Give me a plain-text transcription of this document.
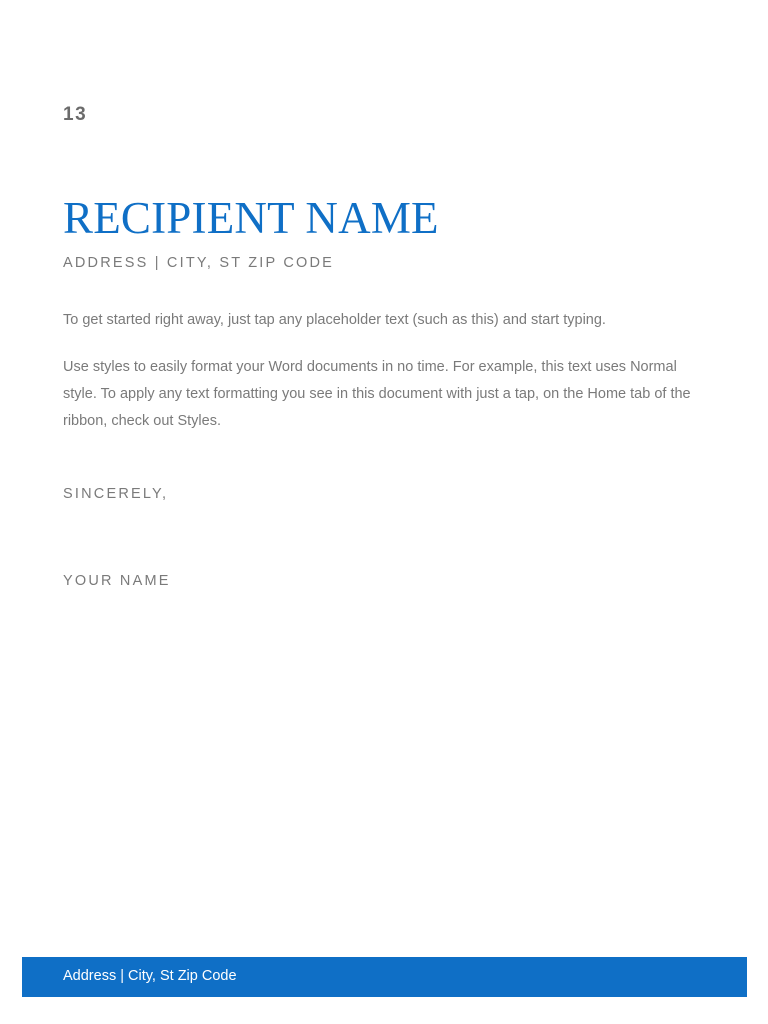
13
RECIPIENT NAME
ADDRESS | CITY, ST ZIP CODE
To get started right away, just tap any placeholder text (such as this) and start typing.
Use styles to easily format your Word documents in no time. For example, this text uses Normal style. To apply any text formatting you see in this document with just a tap, on the Home tab of the ribbon, check out Styles.
SINCERELY,
YOUR NAME
Address | City, St Zip Code
